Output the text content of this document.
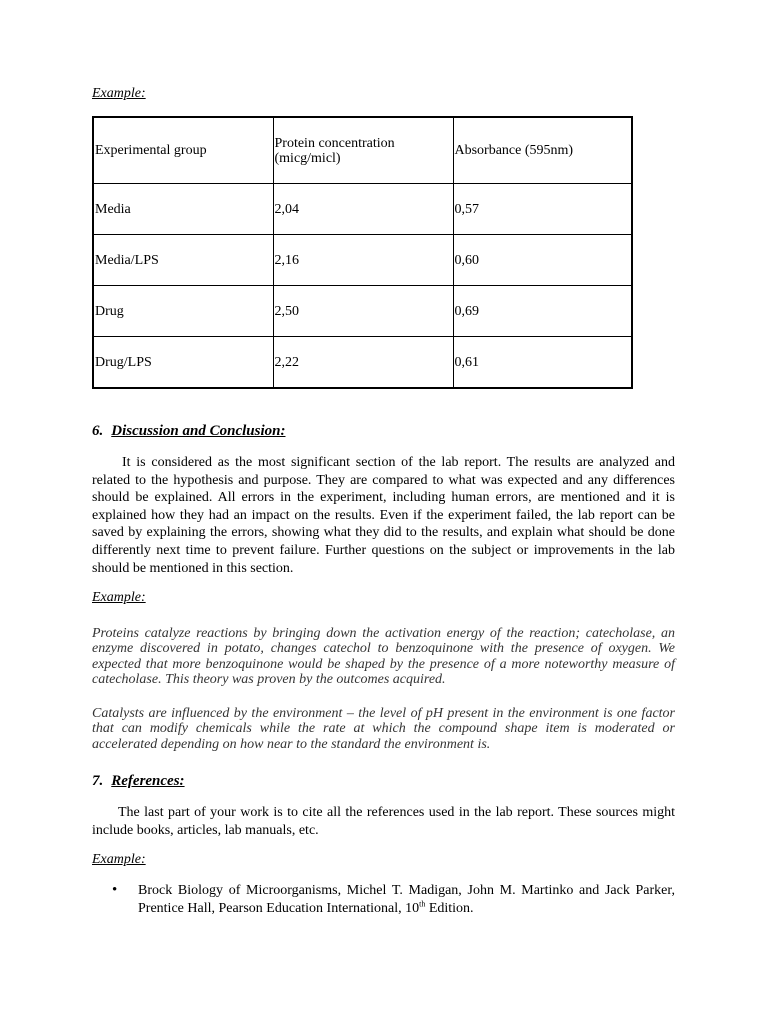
Example:
Experimental group	Protein concentration (micg/micl)	Absorbance (595nm)
Media	2,04	0,57
Media/LPS	2,16	0,60
Drug	2,50	0,69
Drug/LPS	2,22	0,61
6. Discussion and Conclusion:
It is considered as the most significant section of the lab report. The results are analyzed and related to the hypothesis and purpose. They are compared to what was expected and any differences should be explained. All errors in the experiment, including human errors, are mentioned and it is explained how they had an impact on the results. Even if the experiment failed, the lab report can be saved by explaining the errors, showing what they did to the results, and explain what should be done differently next time to prevent failure. Further questions on the subject or improvements in the lab should be mentioned in this section.
Example:
Proteins catalyze reactions by bringing down the activation energy of the reaction; catecholase, an enzyme discovered in potato, changes catechol to benzoquinone with the presence of oxygen. We expected that more benzoquinone would be shaped by the presence of a more noteworthy measure of catecholase. This theory was proven by the outcomes acquired.
Catalysts are influenced by the environment – the level of pH present in the environment is one factor that can modify chemicals while the rate at which the compound shape item is moderated or accelerated depending on how near to the standard the environment is.
7. References:
The last part of your work is to cite all the references used in the lab report. These sources might include books, articles, lab manuals, etc.
Example:
• Brock Biology of Microorganisms, Michel T. Madigan, John M. Martinko and Jack Parker, Prentice Hall, Pearson Education International, 10th Edition.
